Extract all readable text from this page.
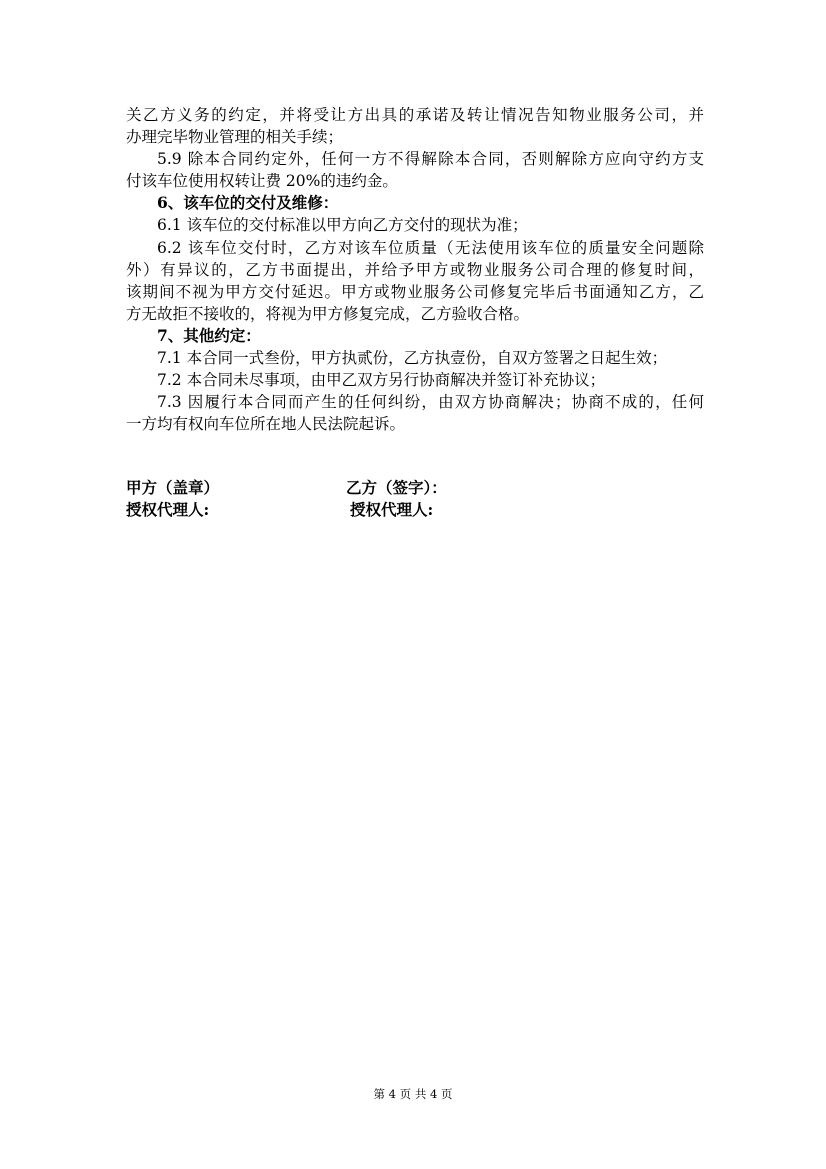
关乙方义务的约定，并将受让方出具的承诺及转让情况告知物业服务公司，并
办理完毕物业管理的相关手续；
5.9 除本合同约定外，任何一方不得解除本合同，否则解除方应向守约方支
付该车位使用权转让费 20%的违约金。
6、该车位的交付及维修：
6.1 该车位的交付标准以甲方向乙方交付的现状为准；
6.2 该车位交付时，乙方对该车位质量（无法使用该车位的质量安全问题除
外）有异议的，乙方书面提出，并给予甲方或物业服务公司合理的修复时间，
该期间不视为甲方交付延迟。甲方或物业服务公司修复完毕后书面通知乙方，乙
方无故拒不接收的，将视为甲方修复完成，乙方验收合格。
7、其他约定：
7.1 本合同一式叁份，甲方执贰份，乙方执壹份，自双方签署之日起生效；
7.2 本合同未尽事项，由甲乙双方另行协商解决并签订补充协议；
7.3 因履行本合同而产生的任何纠纷，由双方协商解决；协商不成的，任何
一方均有权向车位所在地人民法院起诉。
甲方（盖章）	乙方（签字）：
授权代理人:	授权代理人:
第 4 页 共 4 页
